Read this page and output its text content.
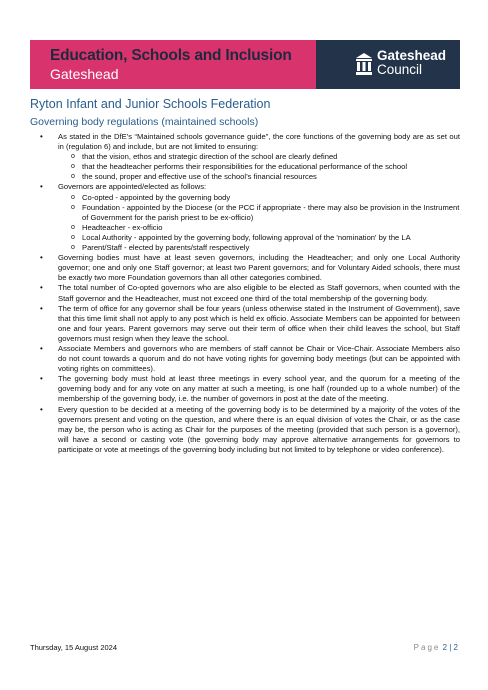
Education, Schools and Inclusion
Gateshead
Gateshead
Council
Ryton Infant and Junior Schools Federation
Governing body regulations (maintained schools)
• As stated in the DfE’s “Maintained schools governance guide”, the core functions of the governing body are as set out in (regulation 6) and include, but are not limited to ensuring:
o that the vision, ethos and strategic direction of the school are clearly defined
o that the headteacher performs their responsibilities for the educational performance of the school
o the sound, proper and effective use of the school’s financial resources
• Governors are appointed/elected as follows:
o Co-opted - appointed by the governing body
o Foundation - appointed by the Diocese (or the PCC if appropriate - there may also be provision in the Instrument of Government for the parish priest to be ex-officio)
o Headteacher - ex-officio
o Local Authority - appointed by the governing body, following approval of the 'nomination' by the LA
o Parent/Staff - elected by parents/staff respectively
• Governing bodies must have at least seven governors, including the Headteacher; and only one Local Authority governor; one and only one Staff governor; at least two Parent governors; and for Voluntary Aided schools, there must be exactly two more Foundation governors than all other categories combined.
• The total number of Co-opted governors who are also eligible to be elected as Staff governors, when counted with the Staff governor and the Headteacher, must not exceed one third of the total membership of the governing body.
• The term of office for any governor shall be four years (unless otherwise stated in the Instrument of Government), save that this time limit shall not apply to any post which is held ex officio. Associate Members can be appointed for between one and four years. Parent governors may serve out their term of office when their child leaves the school, but Staff governors must resign when they leave the school.
• Associate Members and governors who are members of staff cannot be Chair or Vice-Chair. Associate Members also do not count towards a quorum and do not have voting rights for governing body meetings (but can be appointed with voting rights on committees).
• The governing body must hold at least three meetings in every school year, and the quorum for a meeting of the governing body and for any vote on any matter at such a meeting, is one half (rounded up to a whole number) of the membership of the governing body, i.e. the number of governors in post at the date of the meeting.
• Every question to be decided at a meeting of the governing body is to be determined by a majority of the votes of the governors present and voting on the question, and where there is an equal division of votes the Chair, or as the case may be, the person who is acting as Chair for the purposes of the meeting (provided that such person is a governor), will have a second or casting vote (the governing body may approve alternative arrangements for governors to participate or vote at meetings of the governing body including but not limited to by telephone or video conference).
Thursday, 15 August 2024	Page 2 | 2
